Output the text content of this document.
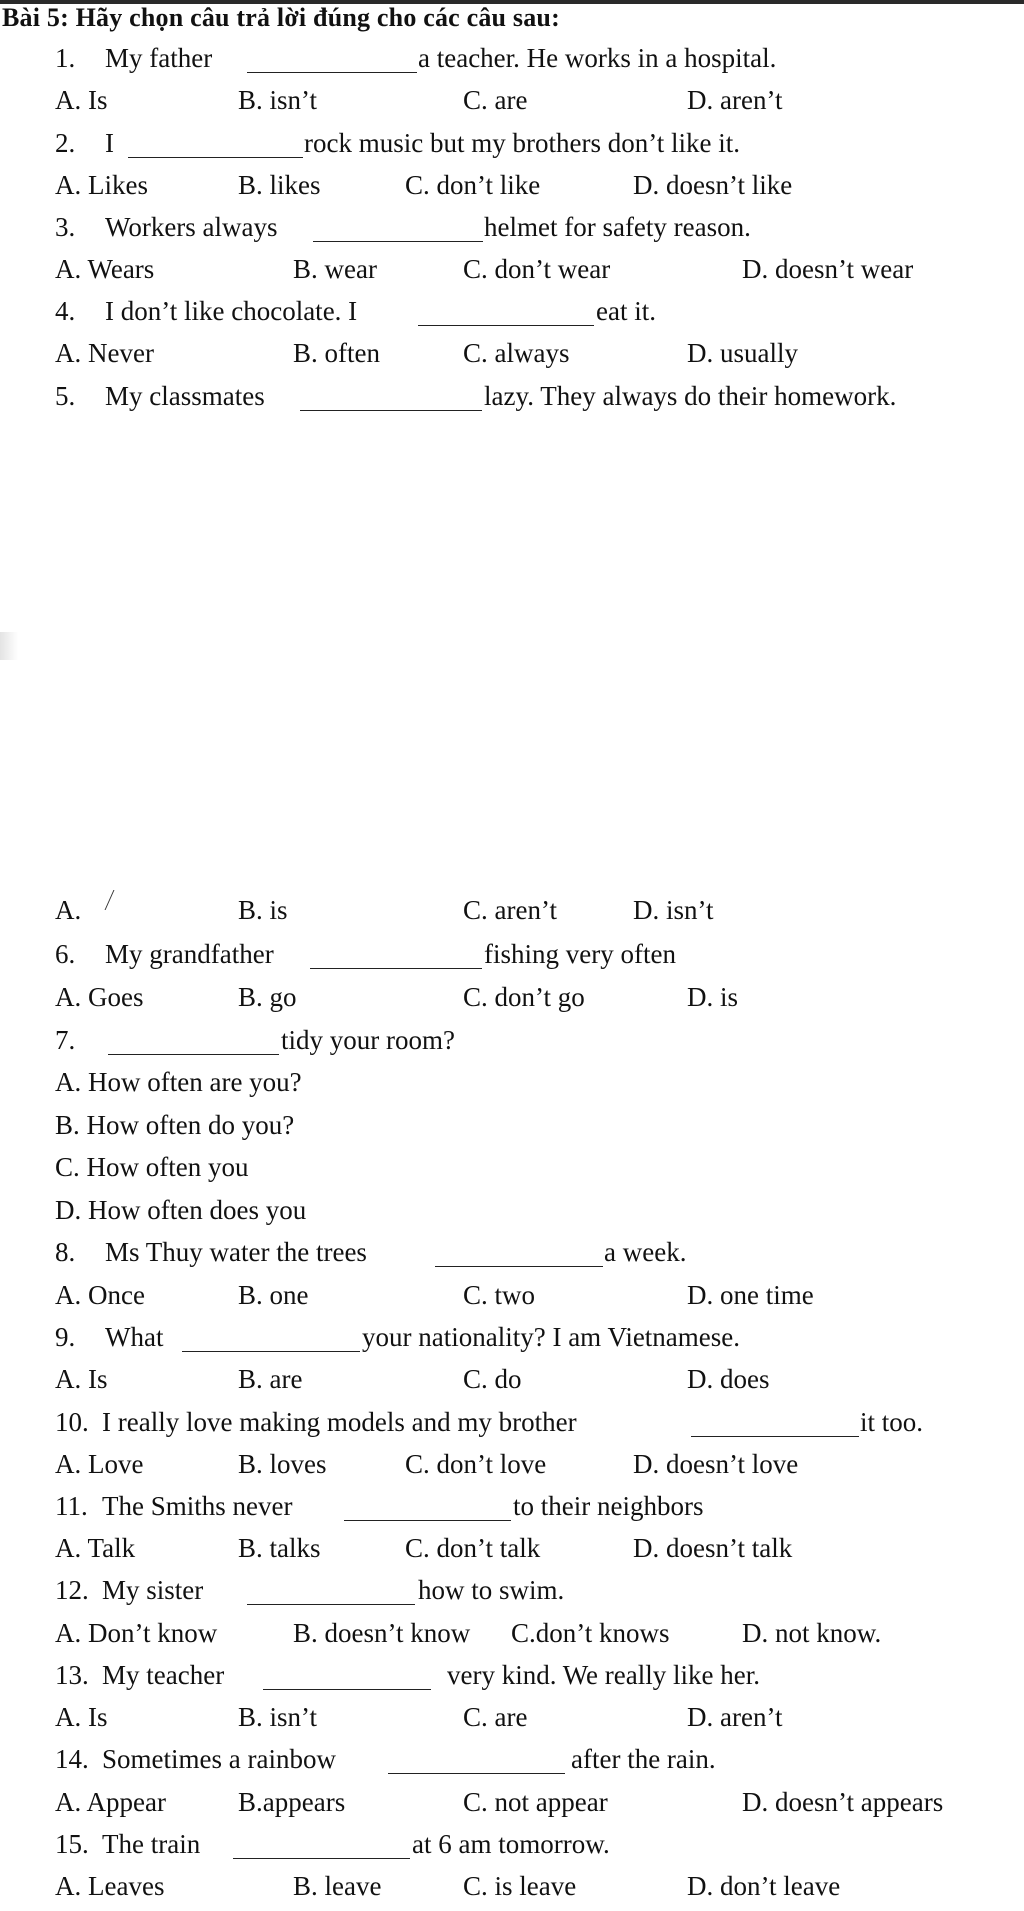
Bài 5: Hãy chọn câu trả lời đúng cho các câu sau:
1. My father	a teacher. He works in a hospital.
A. Is	B. isn’t	C. are	D. aren’t
2. I	rock music but my brothers don’t like it.
A. Likes	B. likes	C. don’t like	D. doesn’t like
3. Workers always	helmet for safety reason.
A. Wears	B. wear	C. don’t wear	D. doesn’t wear
4. I don’t like chocolate. I	eat it.
A. Never	B. often	C. always	D. usually
5. My classmates	lazy. They always do their homework.
A.	B. is	C. aren’t	D. isn’t
6. My grandfather	fishing very often
A. Goes	B. go	C. don’t go	D. is
7.	tidy your room?
A. How often are you?
B. How often do you?
C. How often you
D. How often does you
8. Ms Thuy water the trees	a week.
A. Once	B. one	C. two	D. one time
9. What	your nationality? I am Vietnamese.
A. Is	B. are	C. do	D. does
10. I really love making models and my brother	it too.
A. Love	B. loves	C. don’t love	D. doesn’t love
11. The Smiths never	to their neighbors
A. Talk	B. talks	C. don’t talk	D. doesn’t talk
12. My sister	how to swim.
A. Don’t know	B. doesn’t know C.don’t knows	D. not know.
13. My teacher	very kind. We really like her.
A. Is	B. isn’t	C. are	D. aren’t
14. Sometimes a rainbow	after the rain.
A. Appear	B.appears	C. not appear	D. doesn’t appears
15. The train	at 6 am tomorrow.
A. Leaves	B. leave	C. is leave	D. don’t leave
